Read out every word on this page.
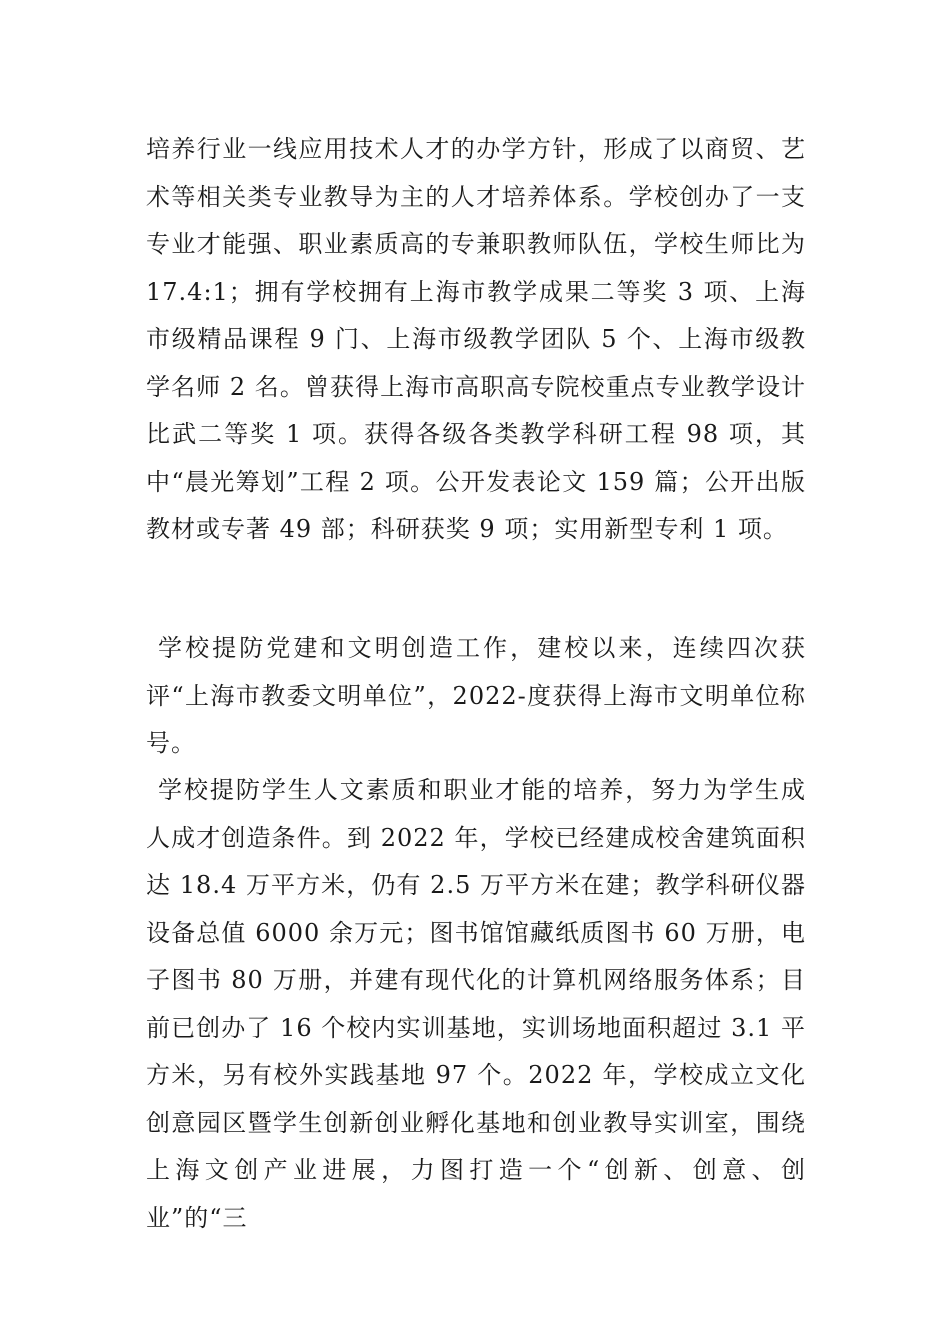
培养行业一线应用技术人才的办学方针，形成了以商贸、艺术等相关类专业教导为主的人才培养体系。学校创办了一支专业才能强、职业素质高的专兼职教师队伍，学校生师比为 17.4:1；拥有学校拥有上海市教学成果二等奖 3 项、上海市级精品课程 9 门、上海市级教学团队 5 个、上海市级教学名师 2 名。曾获得上海市高职高专院校重点专业教学设计比武二等奖 1 项。获得各级各类教学科研工程 98 项，其中“晨光筹划”工程 2 项。公开发表论文 159 篇；公开出版教材或专著 49 部；科研获奖 9 项；实用新型专利 1 项。

学校提防党建和文明创造工作，建校以来，连续四次获评“上海市教委文明单位”，2022-度获得上海市文明单位称号。

学校提防学生人文素质和职业才能的培养，努力为学生成人成才创造条件。到 2022 年，学校已经建成校舍建筑面积达 18.4 万平方米，仍有 2.5 万平方米在建；教学科研仪器设备总值 6000 余万元；图书馆馆藏纸质图书 60 万册，电子图书 80 万册，并建有现代化的计算机网络服务体系；目前已创办了 16 个校内实训基地，实训场地面积超过 3.1 平方米，另有校外实践基地 97 个。2022 年，学校成立文化创意园区暨学生创新创业孵化基地和创业教导实训室，围绕上海文创产业进展，力图打造一个“创新、创意、创业”的“三
